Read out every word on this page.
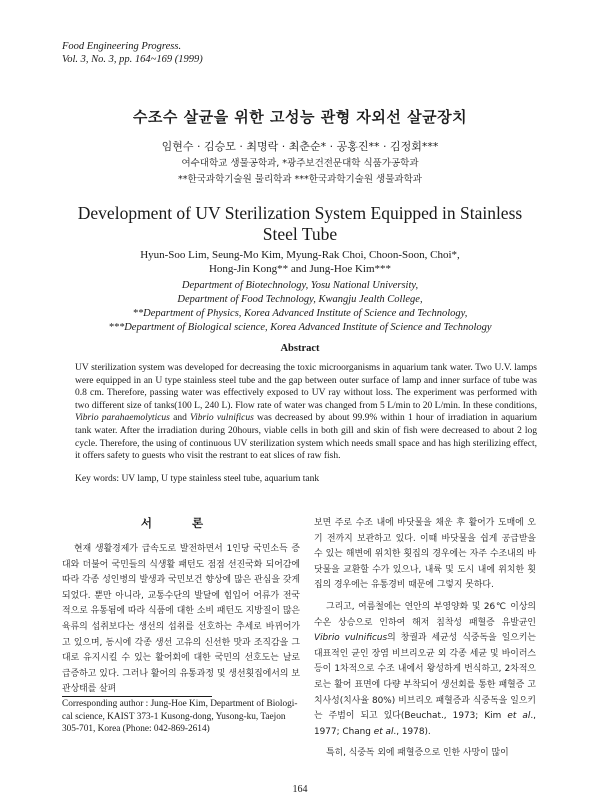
Food Engineering Progress.
Vol. 3, No. 3, pp. 164~169 (1999)
수조수 살균을 위한 고성능 관형 자외선 살균장치
임현수 · 김승모 · 최명락 · 최춘순* · 공홍진** · 김정회***
여수대학교 생물공학과, *광주보건전문대학 식품가공학과
**한국과학기술원 물리학과 ***한국과학기술원 생물과학과
Development of UV Sterilization System Equipped in Stainless
Steel Tube
Hyun-Soo Lim, Seung-Mo Kim, Myung-Rak Choi, Choon-Soon, Choi*,
Hong-Jin Kong** and Jung-Hoe Kim***
Department of Biotechnology, Yosu National University,
Department of Food Technology, Kwangju Jealth College,
**Department of Physics, Korea Advanced Institute of Science and Technology,
***Department of Biological science, Korea Advanced Institute of Science and Technology
Abstract
UV sterilization system was developed for decreasing the toxic microorganisms in aquarium tank water. Two U.V. lamps were equipped in an U type stainless steel tube and the gap between outer surface of lamp and inner surface of tube was 0.8 cm. Therefore, passing water was effectively exposed to UV ray without loss. The experiment was performed with two different size of tanks(100 L, 240 L). Flow rate of water was changed from 5 L/min to 20 L/min. In these conditions, Vibrio parahaemolyticus and Vibrio vulnificus was decreased by about 99.9% within 1 hour of irradiation in aquarium tank water. After the irradiation during 20hours, viable cells in both gill and skin of fish were decreased to about 2 log cycle. Therefore, the using of continuous UV sterilization system which needs small space and has high sterilizing effect, it offers safety to guests who visit the restrant to eat slices of raw fish.
Key words: UV lamp, U type stainless steel tube, aquarium tank
서 론
현재 생활경제가 급속도로 발전하면서 1인당 국민소득 증대와 더불어 국민들의 식생활 패턴도 점점 선진국화 되어감에 따라 각종 성인병의 발생과 국민보건 향상에 많은 관심을 갖게 되었다. 뿐만 아니라, 교통수단의 발달에 힘입어 어류가 전국적으로 유통됨에 따라 식품에 대한 소비 패턴도 지방질이 많은 육류의 섭취보다는 생선의 섭취를 선호하는 추세로 바뀌어가고 있으며, 동시에 각종 생선 고유의 신선한 맛과 조직감을 그대로 유지시킬 수 있는 활어회에 대한 국민의 선호도는 날로 급증하고 있다. 그러나 활어의 유통과정 및 생선횟집에서의 보관상태를 살펴

보면 주로 수조 내에 바닷물을 채운 후 활어가 도매에 오기 전까지 보관하고 있다. 이때 바닷물을 쉽게 공급받을 수 있는 해변에 위치한 횟집의 경우에는 자주 수조내의 바닷물을 교환할 수가 있으나, 내륙 및 도시 내에 위치한 횟집의 경우에는 유통경비 때문에 그렇지 못하다.

그리고, 여름철에는 연안의 부영양화 및 26℃ 이상의 수온 상승으로 인하여 해저 침착성 패혈증 유발균인 Vibrio vulnificus의 창궐과 세균성 식중독을 일으키는 대표적인 균인 장염 비브리오균 외 각종 세균 및 바이러스 등이 1차적으로 수조 내에서 왕성하게 번식하고, 2차적으로는 활어 표면에 다량 부착되어 생선회를 통한 패혈증 고치사성(치사율 80%) 비브리오 패혈증과 식중독을 일으키는 주범이 되고 있다(Beuchat., 1973; Kim et al., 1977; Chang et al., 1978).

특히, 식중독 외에 패혈증으로 인한 사망이 많이

Corresponding author : Jung-Hoe Kim, Department of Biologi-
cal science, KAIST 373-1 Kusong-dong, Yusong-ku, Taejon
305-701, Korea (Phone: 042-869-2614)
164
